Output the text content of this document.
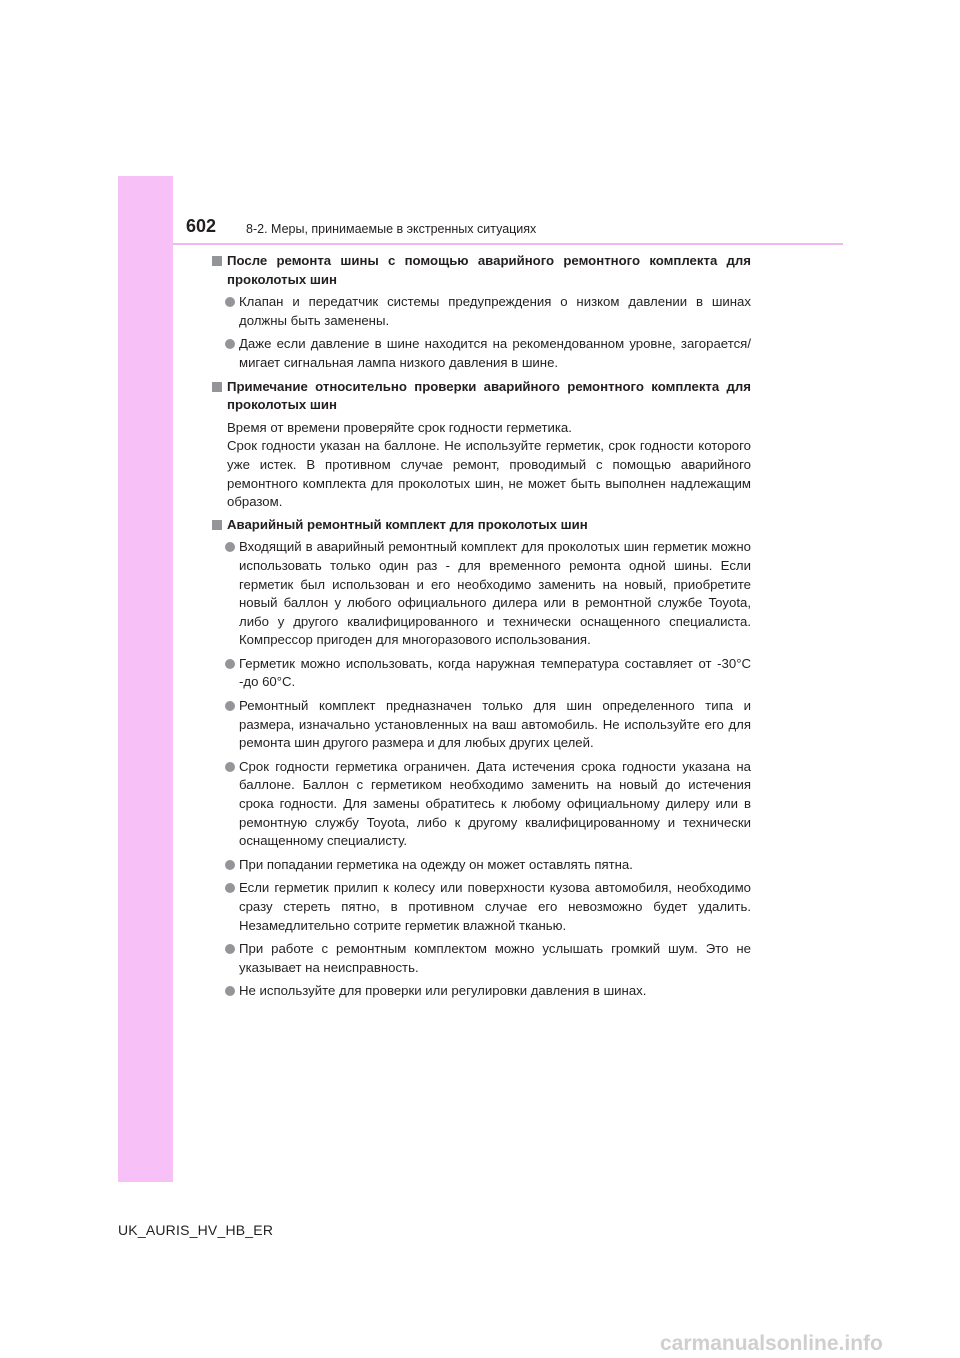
602 8-2. Меры, принимаемые в экстренных ситуациях
После ремонта шины с помощью аварийного ремонтного комплекта для проколотых шин
Клапан и передатчик системы предупреждения о низком давлении в шинах должны быть заменены.
Даже если давление в шине находится на рекомендованном уровне, загорается/мигает сигнальная лампа низкого давления в шине.
Примечание относительно проверки аварийного ремонтного комплекта для проколотых шин
Время от времени проверяйте срок годности герметика.
Срок годности указан на баллоне. Не используйте герметик, срок годности которого уже истек. В противном случае ремонт, проводимый с помощью аварийного ремонтного комплекта для проколотых шин, не может быть выполнен надлежащим образом.
Аварийный ремонтный комплект для проколотых шин
Входящий в аварийный ремонтный комплект для проколотых шин герметик можно использовать только один раз - для временного ремонта одной шины. Если герметик был использован и его необходимо заменить на новый, приобретите новый баллон у любого официального дилера или в ремонтной службе Toyota, либо у другого квалифицированного и технически оснащенного специалиста. Компрессор пригоден для многоразового использования.
Герметик можно использовать, когда наружная температура составляет от -30°С -до 60°С.
Ремонтный комплект предназначен только для шин определенного типа и размера, изначально установленных на ваш автомобиль. Не используйте его для ремонта шин другого размера и для любых других целей.
Срок годности герметика ограничен. Дата истечения срока годности указана на баллоне. Баллон с герметиком необходимо заменить на новый до истечения срока годности. Для замены обратитесь к любому официальному дилеру или в ремонтную службу Toyota, либо к другому квалифицированному и технически оснащенному специалисту.
При попадании герметика на одежду он может оставлять пятна.
Если герметик прилип к колесу или поверхности кузова автомобиля, необходимо сразу стереть пятно, в противном случае его невозможно будет удалить. Незамедлительно сотрите герметик влажной тканью.
При работе с ремонтным комплектом можно услышать громкий шум. Это не указывает на неисправность.
Не используйте для проверки или регулировки давления в шинах.
UK_AURIS_HV_HB_ER
carmanualsonline.info
